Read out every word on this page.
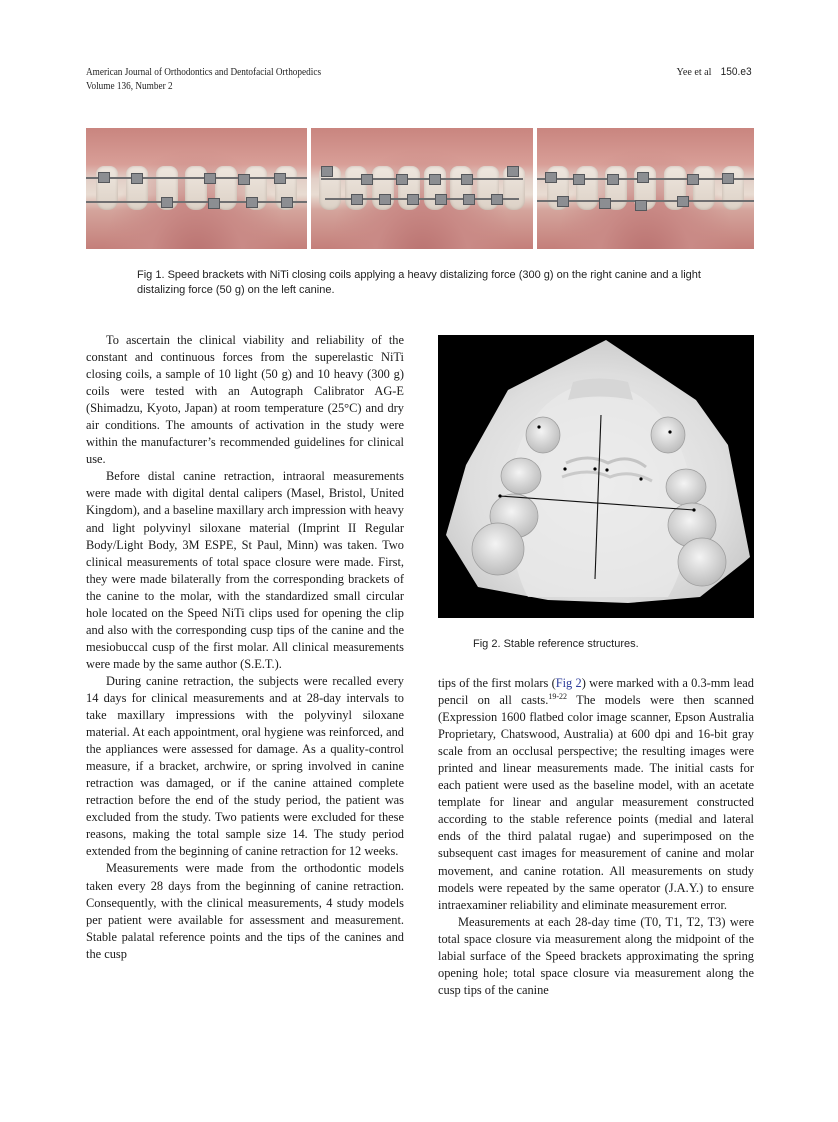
American Journal of Orthodontics and Dentofacial Orthopedics
Volume 136, Number 2
Yee et al 150.e3
Fig 1. Speed brackets with NiTi closing coils applying a heavy distalizing force (300 g) on the right canine and a light distalizing force (50 g) on the left canine.

To ascertain the clinical viability and reliability of the constant and continuous forces from the superelastic NiTi closing coils, a sample of 10 light (50 g) and 10 heavy (300 g) coils were tested with an Autograph Calibrator AG-E (Shimadzu, Kyoto, Japan) at room temperature (25°C) and dry air conditions. The amounts of activation in the study were within the manufacturer’s recommended guidelines for clinical use.

Before distal canine retraction, intraoral measurements were made with digital dental calipers (Masel, Bristol, United Kingdom), and a baseline maxillary arch impression with heavy and light polyvinyl siloxane material (Imprint II Regular Body/Light Body, 3M ESPE, St Paul, Minn) was taken. Two clinical measurements of total space closure were made. First, they were made bilaterally from the corresponding brackets of the canine to the molar, with the standardized small circular hole located on the Speed NiTi clips used for opening the clip and also with the corresponding cusp tips of the canine and the mesiobuccal cusp of the first molar. All clinical measurements were made by the same author (S.E.T.).

During canine retraction, the subjects were recalled every 14 days for clinical measurements and at 28-day intervals to take maxillary impressions with the polyvinyl siloxane material. At each appointment, oral hygiene was reinforced, and the appliances were assessed for damage. As a quality-control measure, if a bracket, archwire, or spring involved in canine retraction was damaged, or if the canine attained complete retraction before the end of the study period, the patient was excluded from the study. Two patients were excluded for these reasons, making the total sample size 14. The study period extended from the beginning of canine retraction for 12 weeks.

Measurements were made from the orthodontic models taken every 28 days from the beginning of canine retraction. Consequently, with the clinical measurements, 4 study models per patient were available for assessment and measurement. Stable palatal reference points and the tips of the canines and the cusp

Fig 2. Stable reference structures.

tips of the first molars (Fig 2) were marked with a 0.3-mm lead pencil on all casts.$^{19-22}$ The models were then scanned (Expression 1600 flatbed color image scanner, Epson Australia Proprietary, Chatswood, Australia) at 600 dpi and 16-bit gray scale from an occlusal perspective; the resulting images were printed and linear measurements made. The initial casts for each patient were used as the baseline model, with an acetate template for linear and angular measurement constructed according to the stable reference points (medial and lateral ends of the third palatal rugae) and superimposed on the subsequent cast images for measurement of canine and molar movement, and canine rotation. All measurements on study models were repeated by the same operator (J.A.Y.) to ensure intraexaminer reliability and eliminate measurement error.

Measurements at each 28-day time (T0, T1, T2, T3) were total space closure via measurement along the midpoint of the labial surface of the Speed brackets approximating the spring opening hole; total space closure via measurement along the cusp tips of the canine
